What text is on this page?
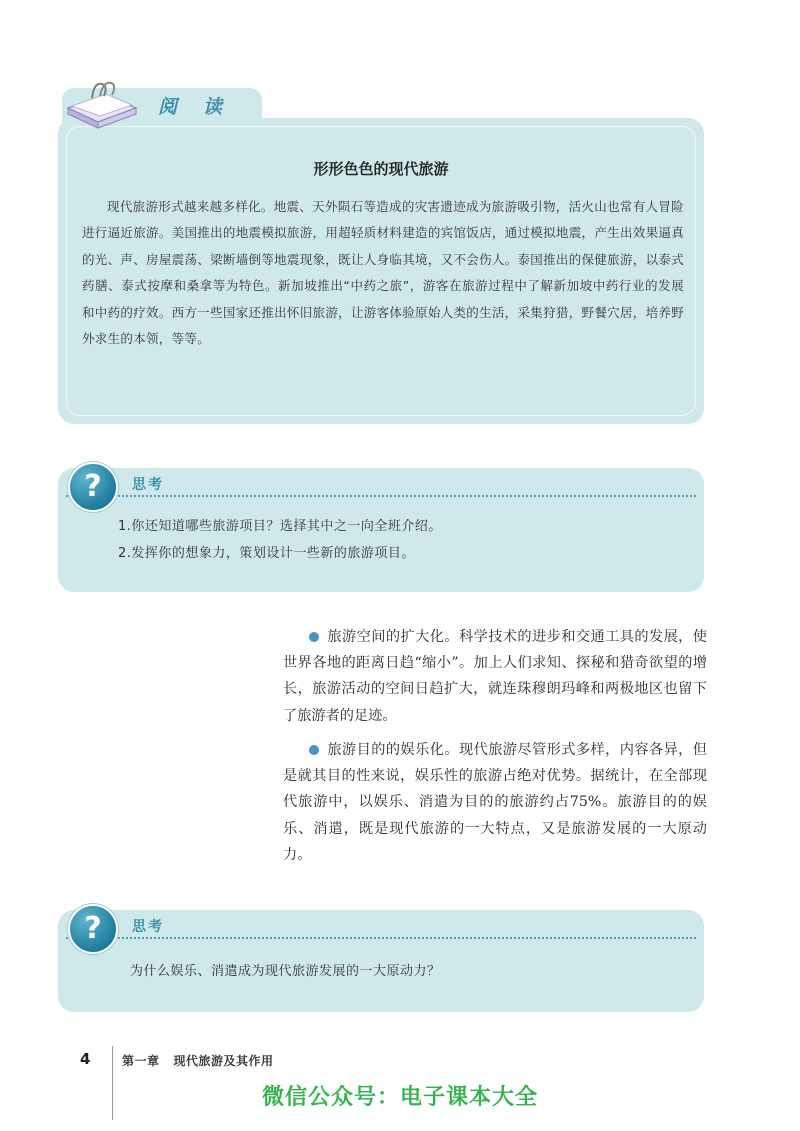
阅读
形形色色的现代旅游

现代旅游形式越来越多样化。地震、天外陨石等造成的灾害遗迹成为旅游吸引物，活火山也常有人冒险进行逼近旅游。美国推出的地震模拟旅游，用超轻质材料建造的宾馆饭店，通过模拟地震，产生出效果逼真的光、声、房屋震荡、梁断墙倒等地震现象，既让人身临其境，又不会伤人。泰国推出的保健旅游，以泰式药膳、泰式按摩和桑拿等为特色。新加坡推出“中药之旅”，游客在旅游过程中了解新加坡中药行业的发展和中药的疗效。西方一些国家还推出怀旧旅游，让游客体验原始人类的生活，采集狩猎，野餐穴居，培养野外求生的本领，等等。

?	思考
1.你还知道哪些旅游项目？选择其中之一向全班介绍。
2.发挥你的想象力，策划设计一些新的旅游项目。

旅游空间的扩大化。科学技术的进步和交通工具的发展，使世界各地的距离日趋“缩小”。加上人们求知、探秘和猎奇欲望的增长，旅游活动的空间日趋扩大，就连珠穆朗玛峰和两极地区也留下了旅游者的足迹。

旅游目的的娱乐化。现代旅游尽管形式多样，内容各异，但是就其目的性来说，娱乐性的旅游占绝对优势。据统计，在全部现代旅游中，以娱乐、消遣为目的的旅游约占75%。旅游目的的娱乐、消遣，既是现代旅游的一大特点，又是旅游发展的一大原动力。

?	思考
为什么娱乐、消遣成为现代旅游发展的一大原动力？
4	第一章 现代旅游及其作用
微信公众号：电子课本大全
